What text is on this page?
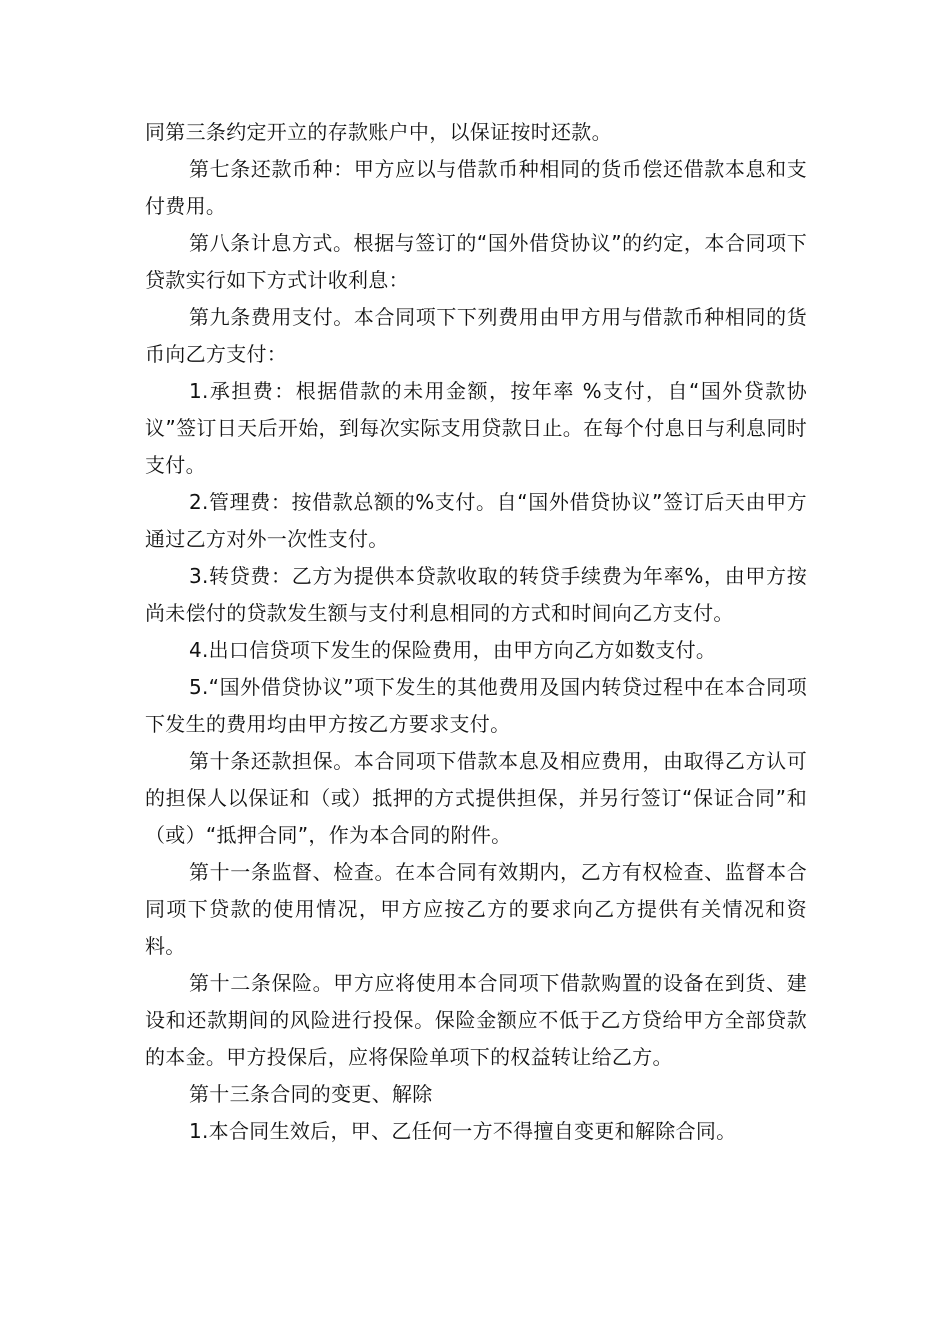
同第三条约定开立的存款账户中，以保证按时还款。

第七条还款币种：甲方应以与借款币种相同的货币偿还借款本息和支付费用。

第八条计息方式。根据与签订的“国外借贷协议”的约定，本合同项下贷款实行如下方式计收利息：

第九条费用支付。本合同项下下列费用由甲方用与借款币种相同的货币向乙方支付：

1.承担费：根据借款的未用金额，按年率 %支付，自“国外贷款协议”签订日天后开始，到每次实际支用贷款日止。在每个付息日与利息同时支付。

2.管理费：按借款总额的%支付。自“国外借贷协议”签订后天由甲方通过乙方对外一次性支付。

3.转贷费：乙方为提供本贷款收取的转贷手续费为年率%，由甲方按尚未偿付的贷款发生额与支付利息相同的方式和时间向乙方支付。

4.出口信贷项下发生的保险费用，由甲方向乙方如数支付。

5.“国外借贷协议”项下发生的其他费用及国内转贷过程中在本合同项下发生的费用均由甲方按乙方要求支付。

第十条还款担保。本合同项下借款本息及相应费用，由取得乙方认可的担保人以保证和（或）抵押的方式提供担保，并另行签订“保证合同”和（或）“抵押合同”，作为本合同的附件。

第十一条监督、检查。在本合同有效期内，乙方有权检查、监督本合同项下贷款的使用情况，甲方应按乙方的要求向乙方提供有关情况和资料。

第十二条保险。甲方应将使用本合同项下借款购置的设备在到货、建设和还款期间的风险进行投保。保险金额应不低于乙方贷给甲方全部贷款的本金。甲方投保后，应将保险单项下的权益转让给乙方。

第十三条合同的变更、解除

1.本合同生效后，甲、乙任何一方不得擅自变更和解除合同。
